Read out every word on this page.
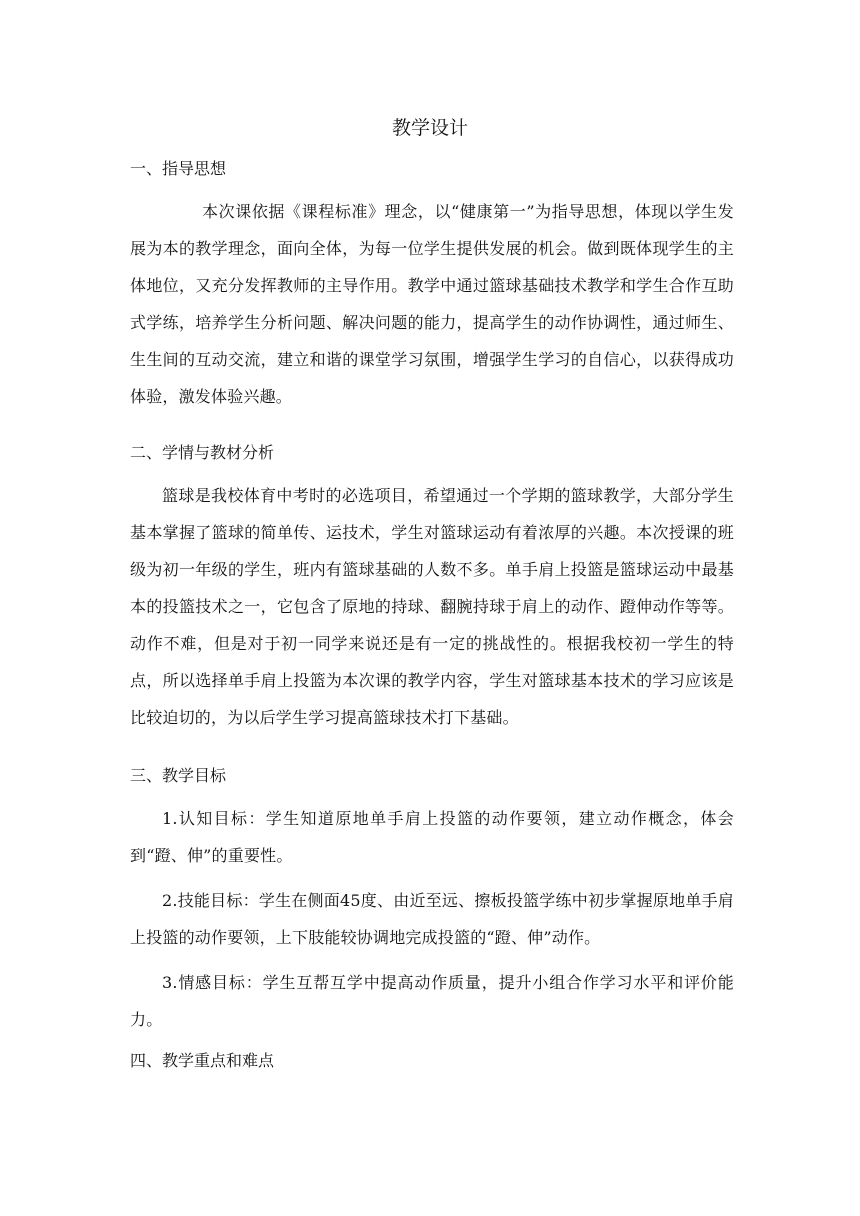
教学设计
一、指导思想
本次课依据《课程标准》理念，以“健康第一”为指导思想，体现以学生发展为本的教学理念，面向全体，为每一位学生提供发展的机会。做到既体现学生的主体地位，又充分发挥教师的主导作用。教学中通过篮球基础技术教学和学生合作互助式学练，培养学生分析问题、解决问题的能力，提高学生的动作协调性，通过师生、生生间的互动交流，建立和谐的课堂学习氛围，增强学生学习的自信心，以获得成功体验，激发体验兴趣。
二、学情与教材分析
篮球是我校体育中考时的必选项目，希望通过一个学期的篮球教学，大部分学生基本掌握了篮球的简单传、运技术，学生对篮球运动有着浓厚的兴趣。本次授课的班级为初一年级的学生，班内有篮球基础的人数不多。单手肩上投篮是篮球运动中最基本的投篮技术之一，它包含了原地的持球、翻腕持球于肩上的动作、蹬伸动作等等。动作不难，但是对于初一同学来说还是有一定的挑战性的。根据我校初一学生的特点，所以选择单手肩上投篮为本次课的教学内容，学生对篮球基本技术的学习应该是比较迫切的，为以后学生学习提高篮球技术打下基础。
三、教学目标
1.认知目标：学生知道原地单手肩上投篮的动作要领，建立动作概念，体会到“蹬、伸”的重要性。
2.技能目标：学生在侧面45度、由近至远、擦板投篮学练中初步掌握原地单手肩上投篮的动作要领，上下肢能较协调地完成投篮的“蹬、伸”动作。
3.情感目标：学生互帮互学中提高动作质量，提升小组合作学习水平和评价能力。
四、教学重点和难点
